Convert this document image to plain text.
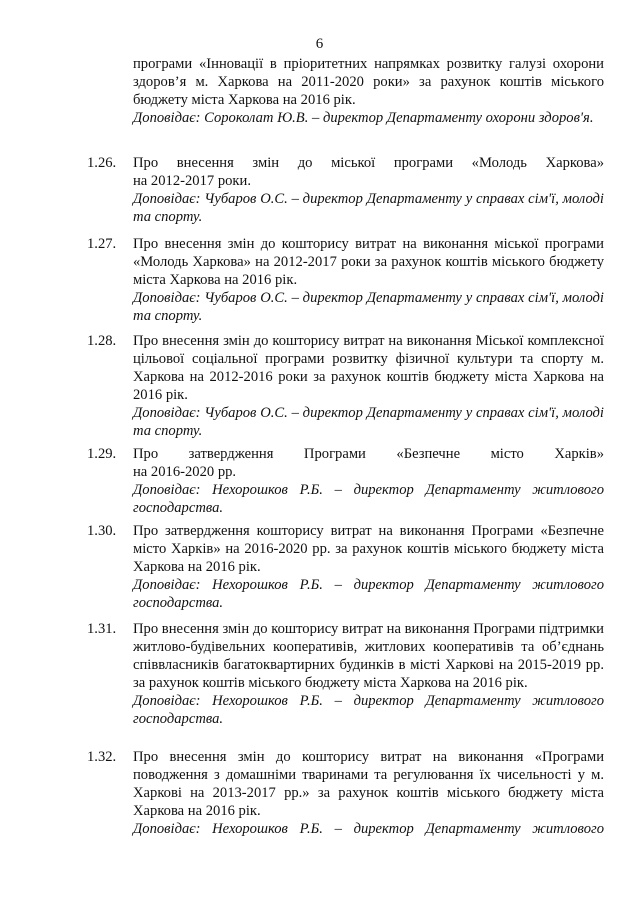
6
програми «Інновації в пріоритетних напрямках розвитку галузі охорони здоров’я м. Харкова на 2011-2020 роки» за рахунок коштів міського бюджету міста Харкова на 2016 рік.
Доповідає: Сороколат Ю.В. – директор Департаменту охорони здоров'я.
1.26. Про внесення змін до міської програми «Молодь Харкова»
на 2012-2017 роки.
Доповідає: Чубаров О.С. – директор Департаменту у справах сім'ї, молоді та спорту.
1.27. Про внесення змін до кошторису витрат на виконання міської програми «Молодь Харкова» на 2012-2017 роки за рахунок коштів міського бюджету міста Харкова на 2016 рік.
Доповідає: Чубаров О.С. – директор Департаменту у справах сім'ї, молоді та спорту.
1.28. Про внесення змін до кошторису витрат на виконання Міської комплексної цільової соціальної програми розвитку фізичної культури та спорту м. Харкова на 2012-2016 роки за рахунок коштів бюджету міста Харкова на 2016 рік.
Доповідає: Чубаров О.С. – директор Департаменту у справах сім'ї, молоді та спорту.
1.29. Про затвердження Програми «Безпечне місто Харків»
на 2016-2020 рр.
Доповідає: Нехорошков Р.Б. – директор Департаменту житлового господарства.
1.30. Про затвердження кошторису витрат на виконання Програми «Безпечне місто Харків» на 2016-2020 рр. за рахунок коштів міського бюджету міста Харкова на 2016 рік.
Доповідає: Нехорошков Р.Б. – директор Департаменту житлового господарства.
1.31. Про внесення змін до кошторису витрат на виконання Програми підтримки житлово-будівельних кооперативів, житлових кооперативів та об’єднань співвласників багатоквартирних будинків в місті Харкові на 2015-2019 рр. за рахунок коштів міського бюджету міста Харкова на 2016 рік.
Доповідає: Нехорошков Р.Б. – директор Департаменту житлового господарства.
1.32. Про внесення змін до кошторису витрат на виконання «Програми поводження з домашніми тваринами та регулювання їх чисельності у м. Харкові на 2013-2017 рр.» за рахунок коштів міського бюджету міста Харкова на 2016 рік.
Доповідає: Нехорошков Р.Б. – директор Департаменту житлового
